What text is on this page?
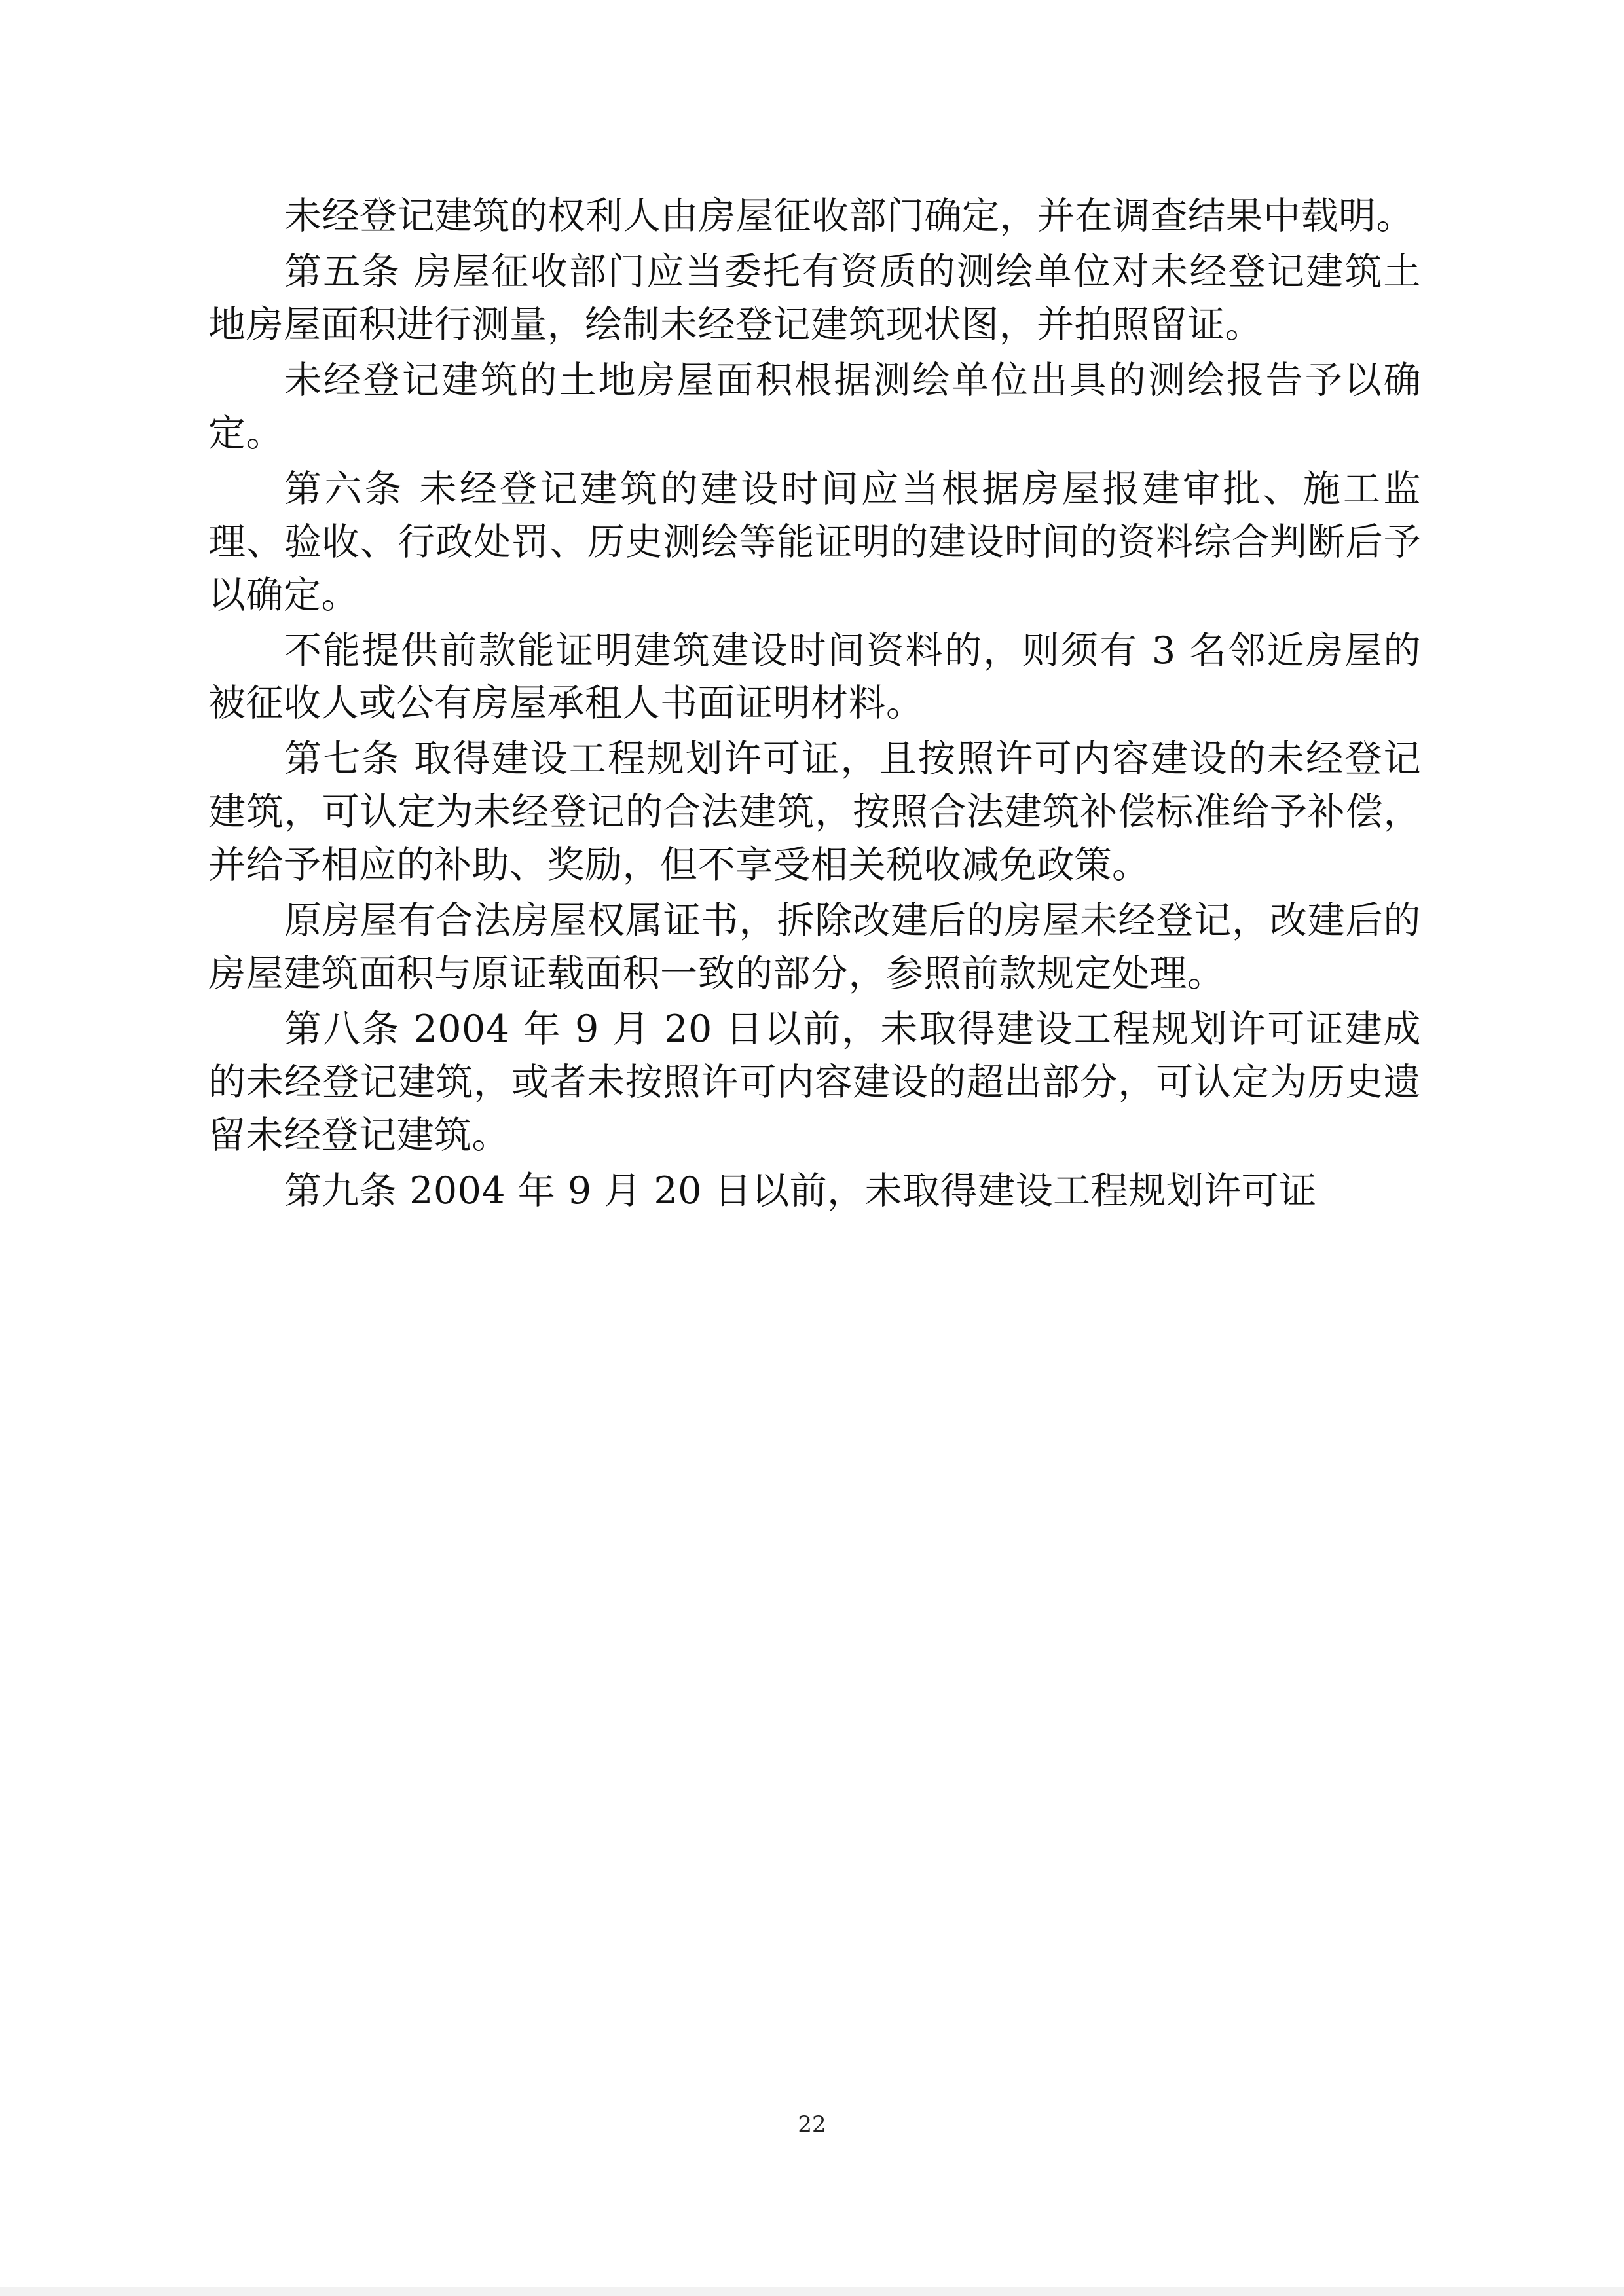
未经登记建筑的权利人由房屋征收部门确定，并在调查结果中载明。

第五条 房屋征收部门应当委托有资质的测绘单位对未经登记建筑土地房屋面积进行测量，绘制未经登记建筑现状图，并拍照留证。

未经登记建筑的土地房屋面积根据测绘单位出具的测绘报告予以确定。

第六条 未经登记建筑的建设时间应当根据房屋报建审批、施工监理、验收、行政处罚、历史测绘等能证明的建设时间的资料综合判断后予以确定。

不能提供前款能证明建筑建设时间资料的，则须有 3 名邻近房屋的被征收人或公有房屋承租人书面证明材料。

第七条 取得建设工程规划许可证，且按照许可内容建设的未经登记建筑，可认定为未经登记的合法建筑，按照合法建筑补偿标准给予补偿，并给予相应的补助、奖励，但不享受相关税收减免政策。

原房屋有合法房屋权属证书，拆除改建后的房屋未经登记，改建后的房屋建筑面积与原证载面积一致的部分，参照前款规定处理。

第八条 2004 年 9 月 20 日以前，未取得建设工程规划许可证建成的未经登记建筑，或者未按照许可内容建设的超出部分，可认定为历史遗留未经登记建筑。

第九条 2004 年 9 月 20 日以前，未取得建设工程规划许可证

22
